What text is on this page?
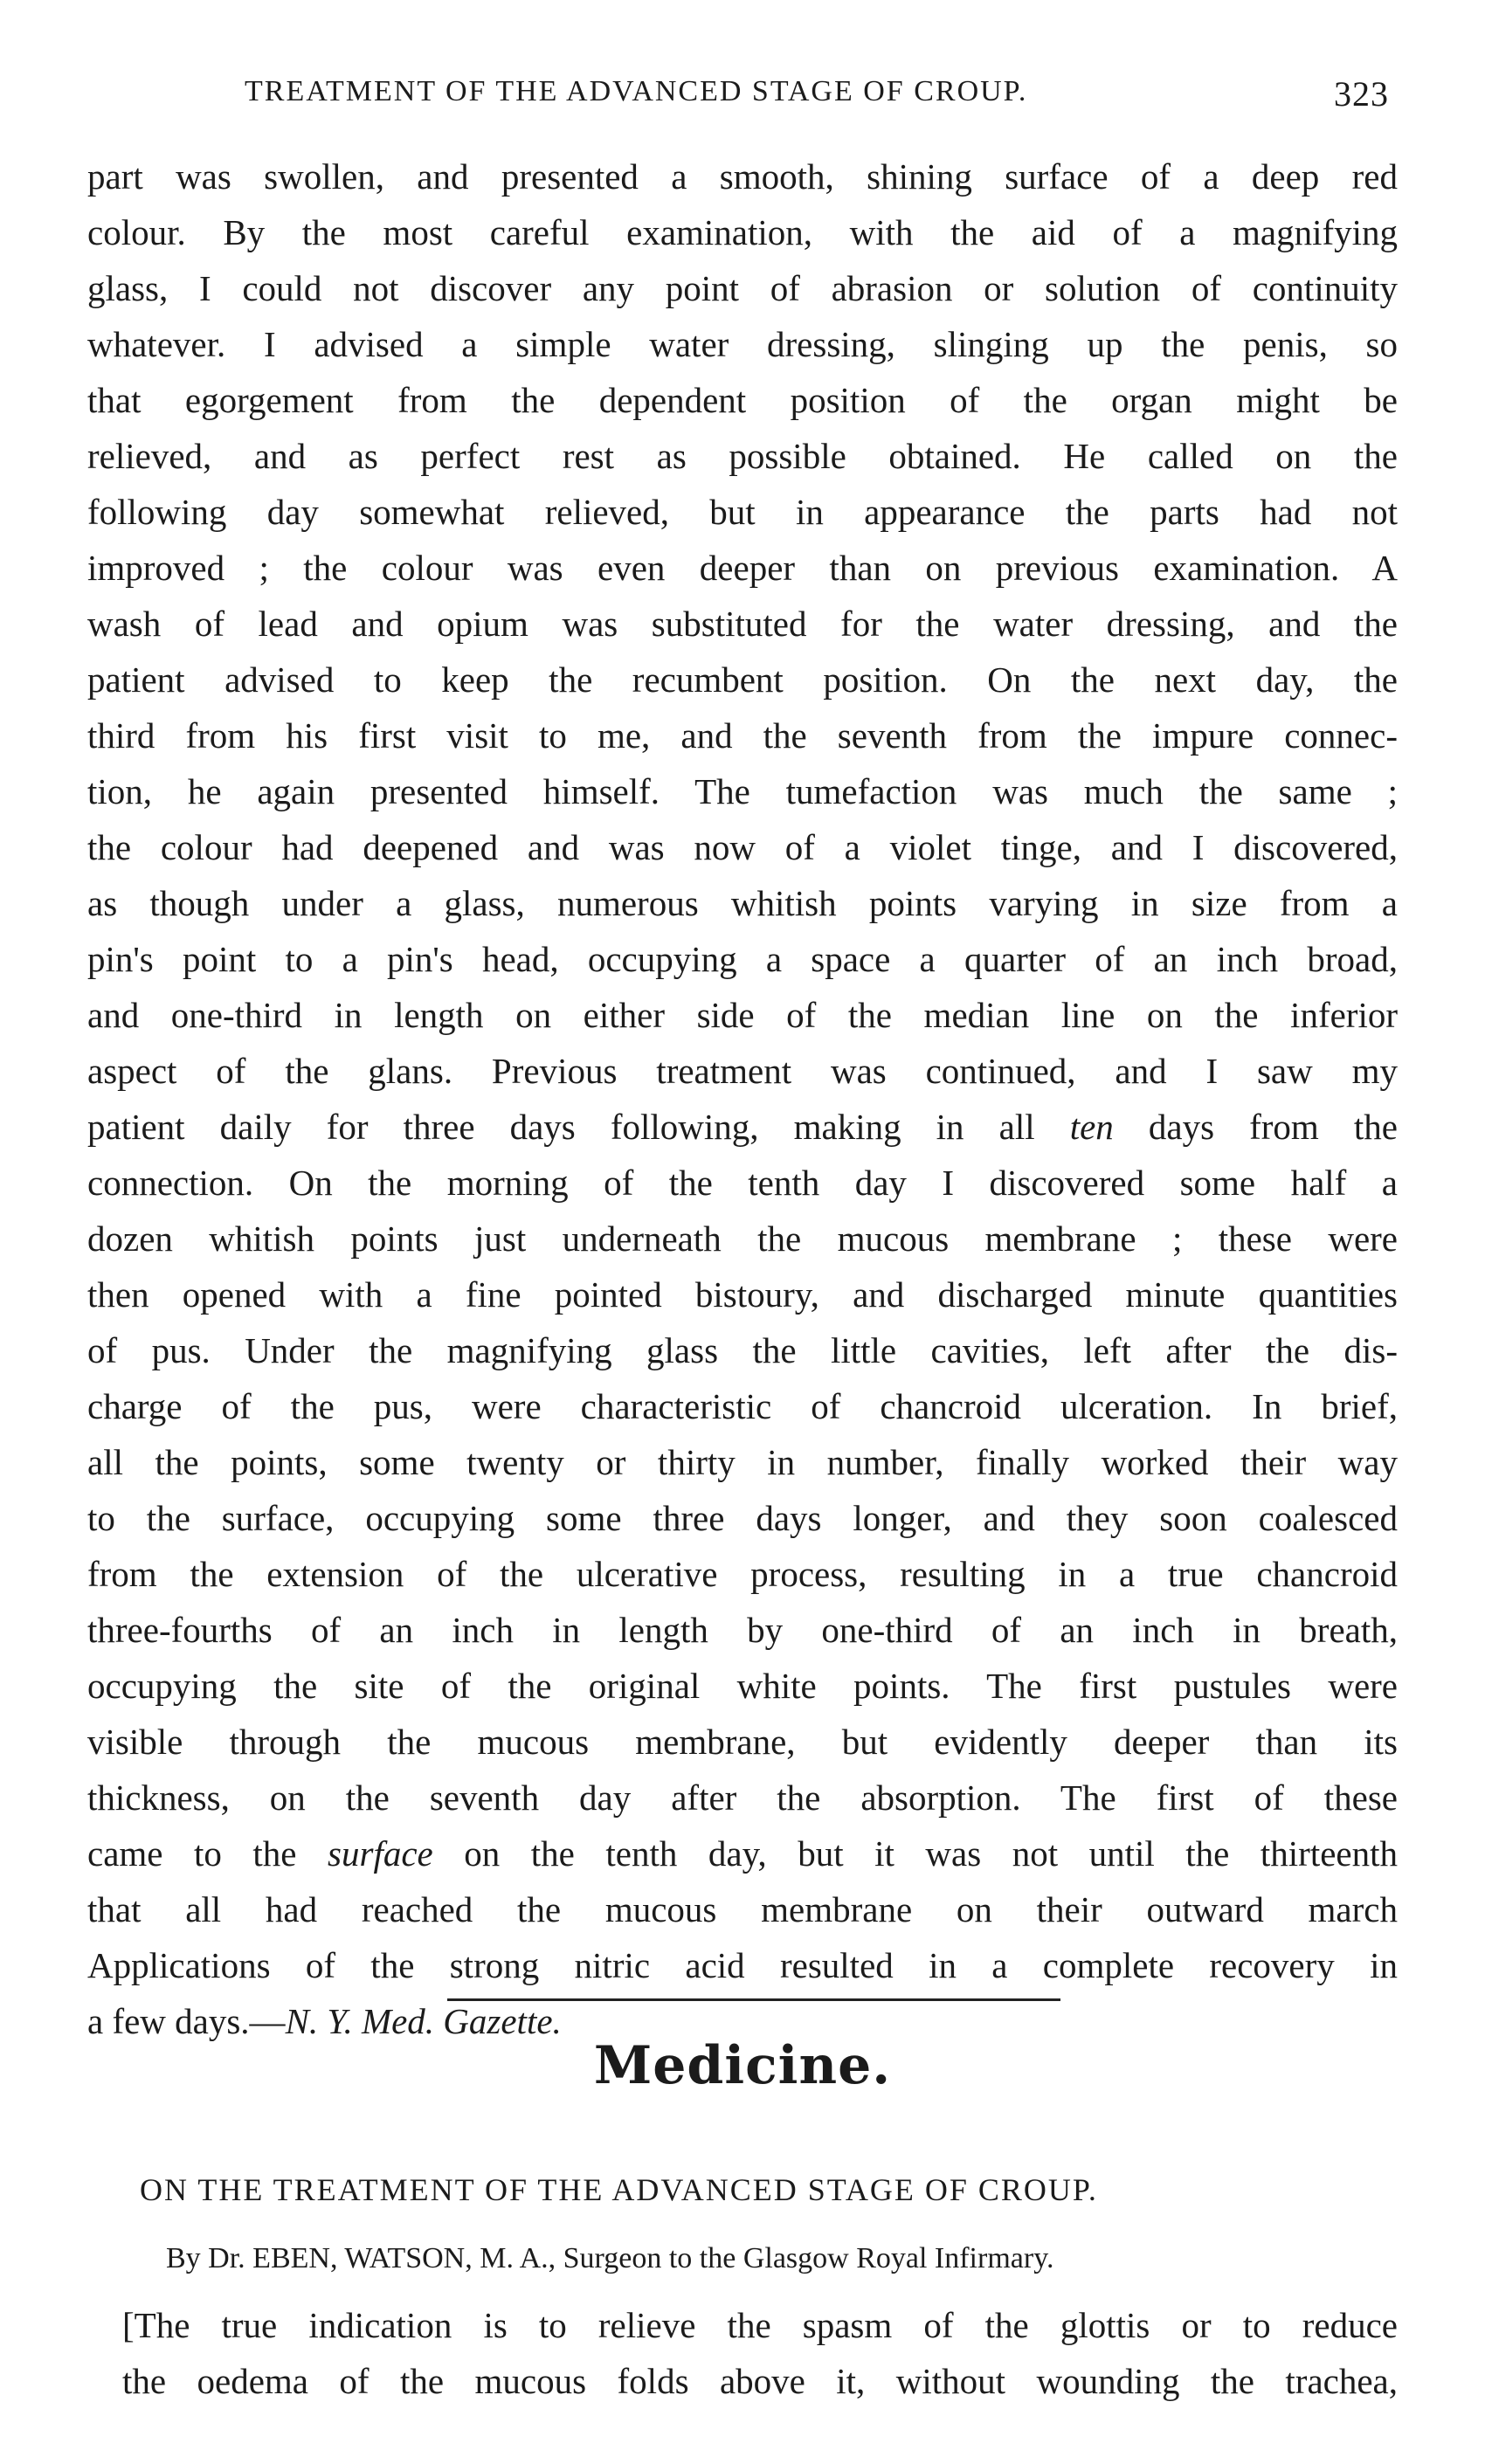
TREATMENT OF THE ADVANCED STAGE OF CROUP.	323
part was swollen, and presented a smooth, shining surface of a deep red
colour. By the most careful examination, with the aid of a magnifying
glass, I could not discover any point of abrasion or solution of continuity
whatever. I advised a simple water dressing, slinging up the penis, so
that egorgement from the dependent position of the organ might be
relieved, and as perfect rest as possible obtained. He called on the
following day somewhat relieved, but in appearance the parts had not
improved ; the colour was even deeper than on previous examination. A
wash of lead and opium was substituted for the water dressing, and the
patient advised to keep the recumbent position. On the next day, the
third from his first visit to me, and the seventh from the impure connec-
tion, he again presented himself. The tumefaction was much the same ;
the colour had deepened and was now of a violet tinge, and I discovered,
as though under a glass, numerous whitish points varying in size from a
pin's point to a pin's head, occupying a space a quarter of an inch broad,
and one-third in length on either side of the median line on the inferior
aspect of the glans. Previous treatment was continued, and I saw my
patient daily for three days following, making in all ten days from the
connection. On the morning of the tenth day I discovered some half a
dozen whitish points just underneath the mucous membrane ; these were
then opened with a fine pointed bistoury, and discharged minute quantities
of pus. Under the magnifying glass the little cavities, left after the dis-
charge of the pus, were characteristic of chancroid ulceration. In brief,
all the points, some twenty or thirty in number, finally worked their way
to the surface, occupying some three days longer, and they soon coalesced
from the extension of the ulcerative process, resulting in a true chancroid
three-fourths of an inch in length by one-third of an inch in breath,
occupying the site of the original white points. The first pustules were
visible through the mucous membrane, but evidently deeper than its
thickness, on the seventh day after the absorption. The first of these
came to the surface on the tenth day, but it was not until the thirteenth
that all had reached the mucous membrane on their outward march
Applications of the strong nitric acid resulted in a complete recovery in
a few days.—N. Y. Med. Gazette.
Medicine.
ON THE TREATMENT OF THE ADVANCED STAGE OF CROUP.
By Dr. EBEN, WATSON, M. A., Surgeon to the Glasgow Royal Infirmary.
[The true indication is to relieve the spasm of the glottis or to reduce
the oedema of the mucous folds above it, without wounding the trachea,
